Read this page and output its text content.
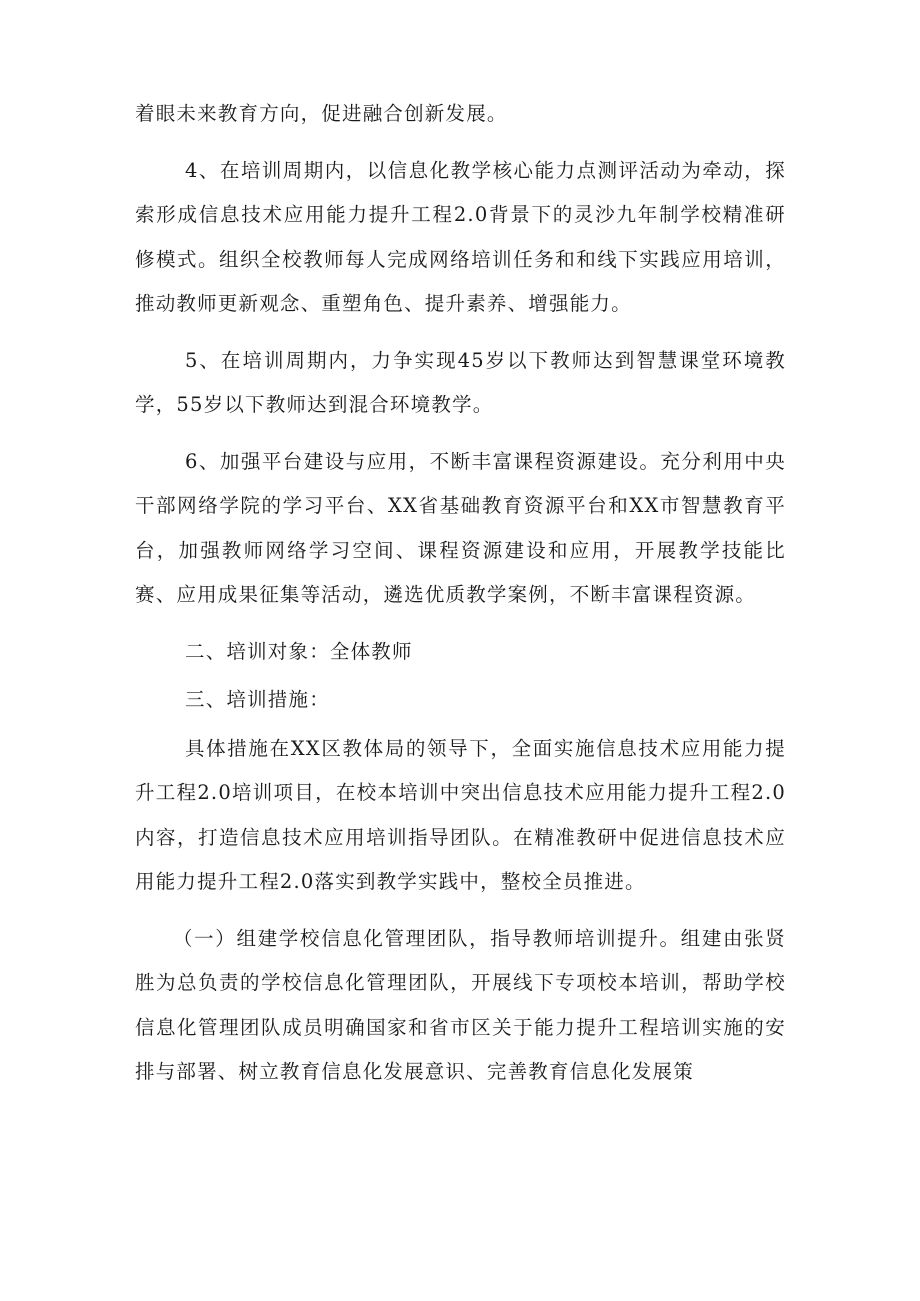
着眼未来教育方向，促进融合创新发展。

4、在培训周期内，以信息化教学核心能力点测评活动为牵动，探索形成信息技术应用能力提升工程2.0背景下的灵沙九年制学校精准研修模式。组织全校教师每人完成网络培训任务和和线下实践应用培训，推动教师更新观念、重塑角色、提升素养、增强能力。

5、在培训周期内，力争实现45岁以下教师达到智慧课堂环境教学，55岁以下教师达到混合环境教学。

6、加强平台建设与应用，不断丰富课程资源建设。充分利用中央干部网络学院的学习平台、XX省基础教育资源平台和XX市智慧教育平台，加强教师网络学习空间、课程资源建设和应用，开展教学技能比赛、应用成果征集等活动，遴选优质教学案例，不断丰富课程资源。

二、培训对象：全体教师

三、培训措施：

具体措施在XX区教体局的领导下，全面实施信息技术应用能力提升工程2.0培训项目，在校本培训中突出信息技术应用能力提升工程2.0内容，打造信息技术应用培训指导团队。在精准教研中促进信息技术应用能力提升工程2.0落实到教学实践中，整校全员推进。

（一）组建学校信息化管理团队，指导教师培训提升。组建由张贤胜为总负责的学校信息化管理团队，开展线下专项校本培训，帮助学校信息化管理团队成员明确国家和省市区关于能力提升工程培训实施的安排与部署、树立教育信息化发展意识、完善教育信息化发展策
